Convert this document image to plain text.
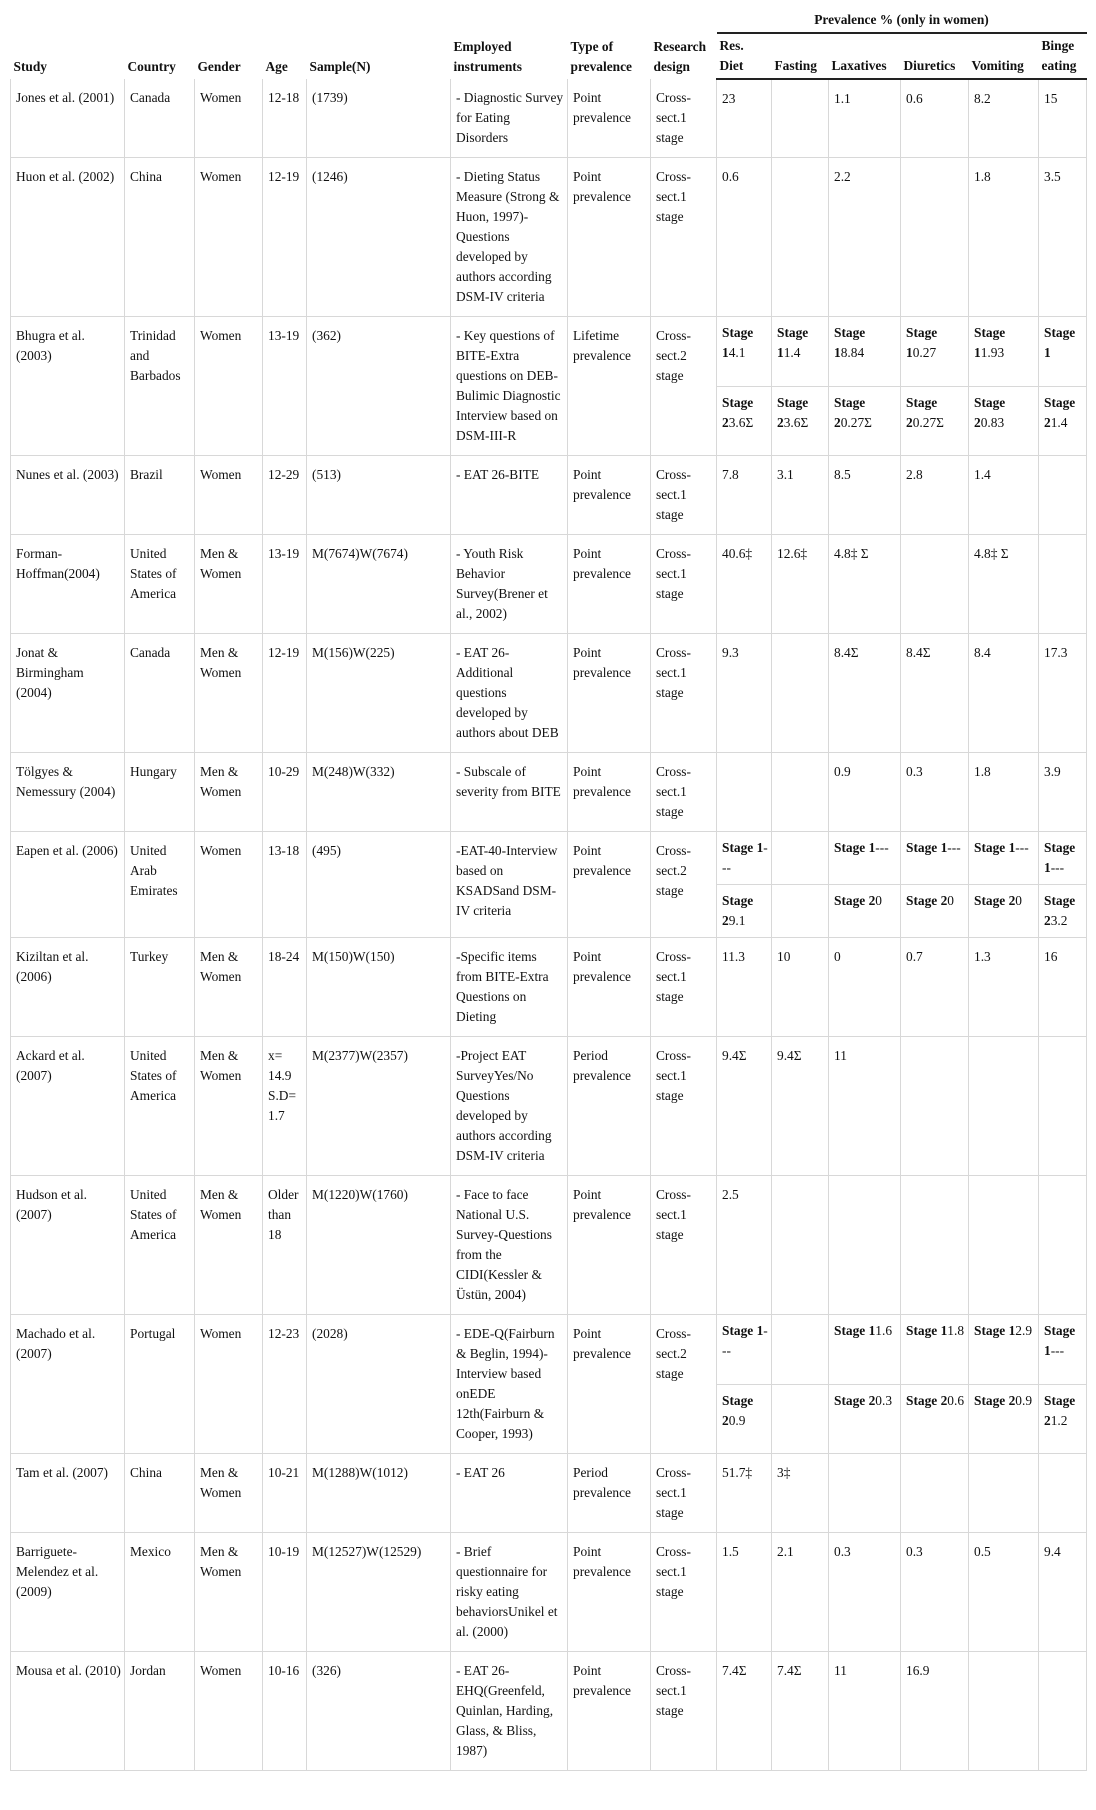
Study	Country	Gender	Age	Sample(N)	Employed instruments	Type of prevalence	Research design	Prevalence % (only in women)					
								Res. Diet	Fasting	Laxatives	Diuretics	Vomiting	Binge eating
Jones et al. (2001)	Canada	Women	12-18	(1739)	- Diagnostic Survey for Eating Disorders	Point prevalence	Cross-sect.1 stage	23		1.1	0.6	8.2	15
Huon et al. (2002)	China	Women	12-19	(1246)	- Dieting Status Measure (Strong & Huon, 1997)-Questions developed by authors according DSM-IV criteria	Point prevalence	Cross-sect.1 stage	0.6		2.2		1.8	3.5
Bhugra et al. (2003)	Trinidad and Barbados	Women	13-19	(362)	- Key questions of BITE-Extra questions on DEB- Bulimic Diagnostic Interview based on DSM-III-R	Lifetime prevalence	Cross-sect.2 stage	Stage 14.1	Stage 11.4	Stage 18.84	Stage 10.27	Stage 11.93	Stage 1
								Stage 23.6Σ	Stage 23.6Σ	Stage 20.27Σ	Stage 20.27Σ	Stage 20.83	Stage 21.4
Nunes et al. (2003)	Brazil	Women	12-29	(513)	- EAT 26-BITE	Point prevalence	Cross-sect.1 stage	7.8	3.1	8.5	2.8	1.4	
Forman-Hoffman(2004)	United States of America	Men & Women	13-19	M(7674)W(7674)	- Youth Risk Behavior Survey(Brener et al., 2002)	Point prevalence	Cross-sect.1 stage	40.6‡	12.6‡	4.8‡ Σ		4.8‡ Σ	
Jonat & Birmingham (2004)	Canada	Men & Women	12-19	M(156)W(225)	- EAT 26-Additional questions developed by authors about DEB	Point prevalence	Cross-sect.1 stage	9.3		8.4Σ	8.4Σ	8.4	17.3
Tölgyes & Nemessury (2004)	Hungary	Men & Women	10-29	M(248)W(332)	- Subscale of severity from BITE	Point prevalence	Cross-sect.1 stage			0.9	0.3	1.8	3.9
Eapen et al. (2006)	United Arab Emirates	Women	13-18	(495)	-EAT-40-Interview based on KSADSand DSM-IV criteria	Point prevalence	Cross-sect.2 stage	Stage 1---		Stage 1---	Stage 1---	Stage 1---	Stage 1---
								Stage 29.1		Stage 20	Stage 20	Stage 20	Stage 23.2
Kiziltan et al. (2006)	Turkey	Men & Women	18-24	M(150)W(150)	-Specific items from BITE-Extra Questions on Dieting	Point prevalence	Cross-sect.1 stage	11.3	10	0	0.7	1.3	16
Ackard et al. (2007)	United States of America	Men & Women	x= 14.9 S.D= 1.7	M(2377)W(2357)	-Project EAT SurveyYes/No Questions developed by authors according DSM-IV criteria	Period prevalence	Cross-sect.1 stage	9.4Σ	9.4Σ	11			
Hudson et al. (2007)	United States of America	Men & Women	Older than 18	M(1220)W(1760)	- Face to face National U.S. Survey-Questions from the CIDI(Kessler & Üstün, 2004)	Point prevalence	Cross-sect.1 stage	2.5					
Machado et al. (2007)	Portugal	Women	12-23	(2028)	- EDE-Q(Fairburn & Beglin, 1994)-Interview based onEDE 12th(Fairburn & Cooper, 1993)	Point prevalence	Cross-sect.2 stage	Stage 1---		Stage 11.6	Stage 11.8	Stage 12.9	Stage 1---
								Stage 20.9		Stage 20.3	Stage 20.6	Stage 20.9	Stage 21.2
Tam et al. (2007)	China	Men & Women	10-21	M(1288)W(1012)	- EAT 26	Period prevalence	Cross-sect.1 stage	51.7‡	3‡				
Barriguete-Melendez et al. (2009)	Mexico	Men & Women	10-19	M(12527)W(12529)	- Brief questionnaire for risky eating behaviorsUnikel et al. (2000)	Point prevalence	Cross-sect.1 stage	1.5	2.1	0.3	0.3	0.5	9.4
Mousa et al. (2010)	Jordan	Women	10-16	(326)	- EAT 26-EHQ(Greenfeld, Quinlan, Harding, Glass, & Bliss, 1987)	Point prevalence	Cross-sect.1 stage	7.4Σ	7.4Σ	11	16.9		
